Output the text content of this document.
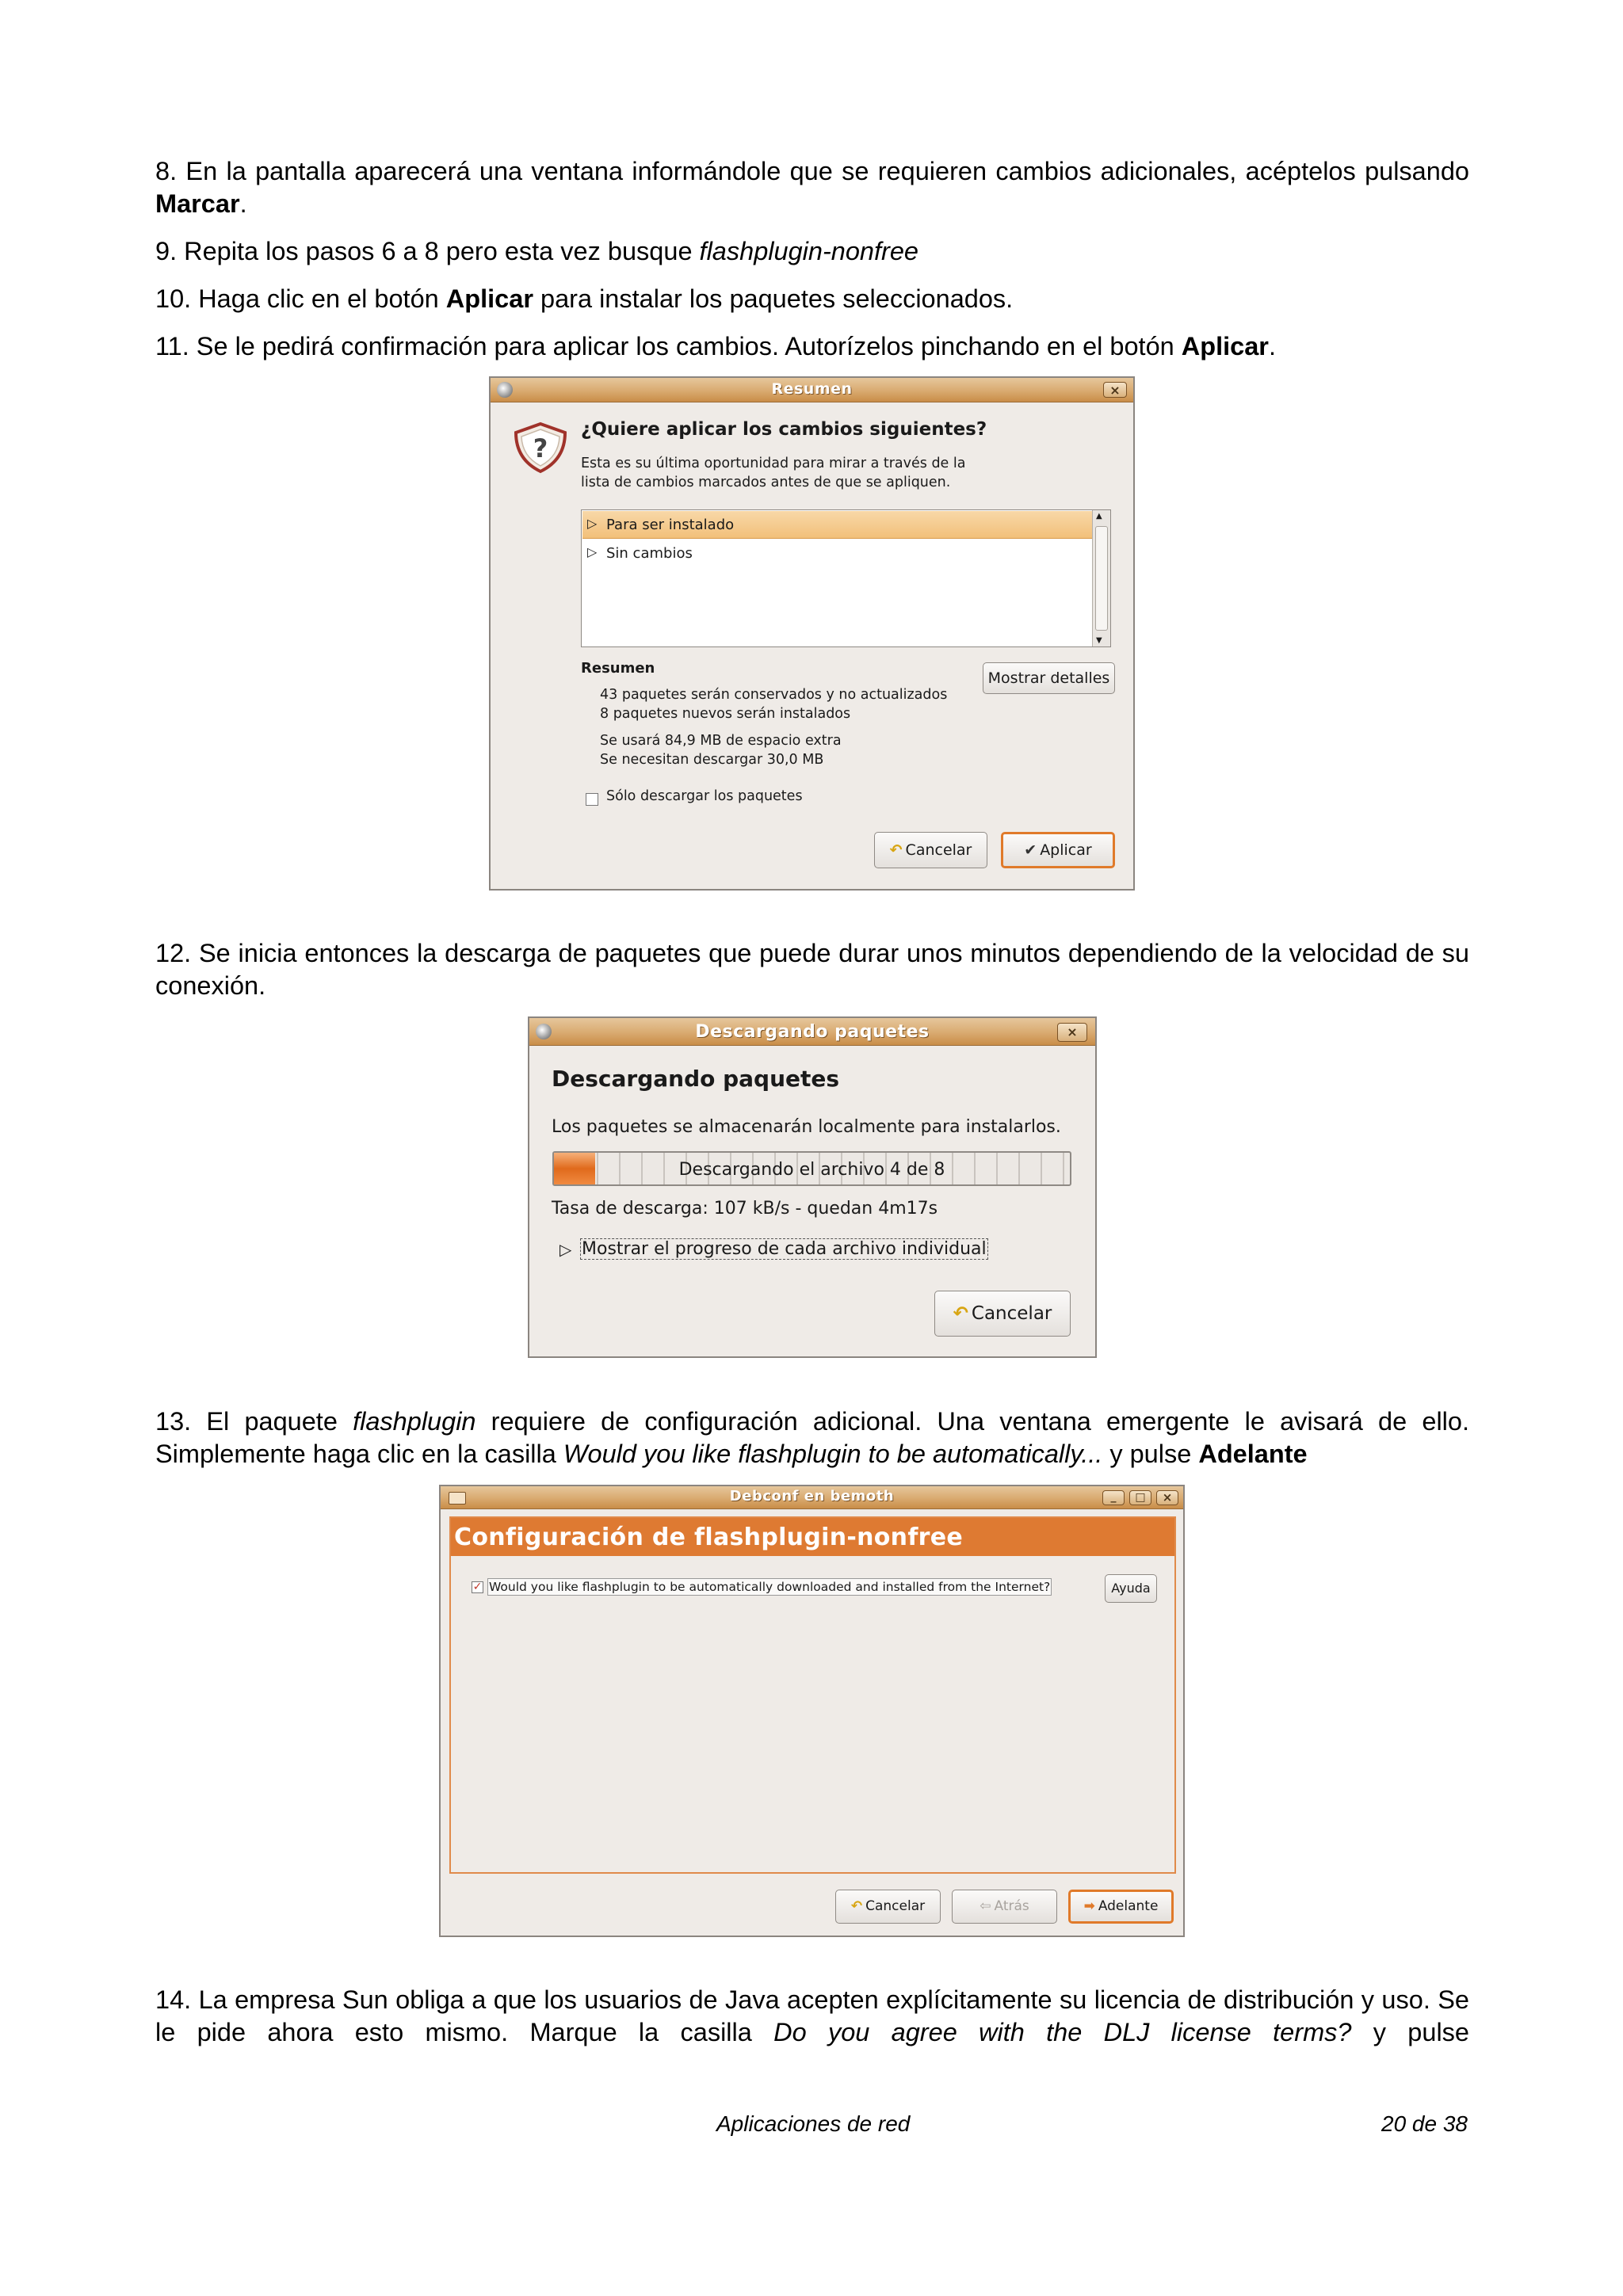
8. En la pantalla aparecerá una ventana informándole que se requieren cambios adicionales, acéptelos pulsando Marcar.
9. Repita los pasos 6 a 8 pero esta vez busque flashplugin-nonfree
10. Haga clic en el botón Aplicar para instalar los paquetes seleccionados.
11. Se le pedirá confirmación para aplicar los cambios. Autorízelos pinchando en el botón Aplicar.
Resumen	×
?
¿Quiere aplicar los cambios siguientes?
Esta es su última oportunidad para mirar a través de la
lista de cambios marcados antes de que se apliquen.
▷ Para ser instalado
▷ Sin cambios
▲
▼
Resumen
43 paquetes serán conservados y no actualizados
8 paquetes nuevos serán instalados
Se usará 84,9 MB de espacio extra
Se necesitan descargar 30,0 MB
Mostrar detalles
Sólo descargar los paquetes
↶ Cancelar	✔ Aplicar
12. Se inicia entonces la descarga de paquetes que puede durar unos minutos dependiendo de la velocidad de su conexión.
Descargando paquetes	×
Descargando paquetes
Los paquetes se almacenarán localmente para instalarlos.
Descargando el archivo 4 de 8
Tasa de descarga: 107 kB/s - quedan 4m17s
▷ Mostrar el progreso de cada archivo individual
↶ Cancelar
13. El paquete flashplugin requiere de configuración adicional. Una ventana emergente le avisará de ello. Simplemente haga clic en la casilla Would you like flashplugin to be automatically... y pulse Adelante
Debconf en bemoth	_	□	×
Configuración de flashplugin-nonfree
✓ Would you like flashplugin to be automatically downloaded and installed from the Internet?	Ayuda
↶ Cancelar	⇦ Atrás	➡ Adelante
14. La empresa Sun obliga a que los usuarios de Java acepten explícitamente su licencia de distribución y uso. Se le pide ahora esto mismo. Marque la casilla Do you agree with the DLJ license terms? y pulse
Aplicaciones de red	20 de 38
